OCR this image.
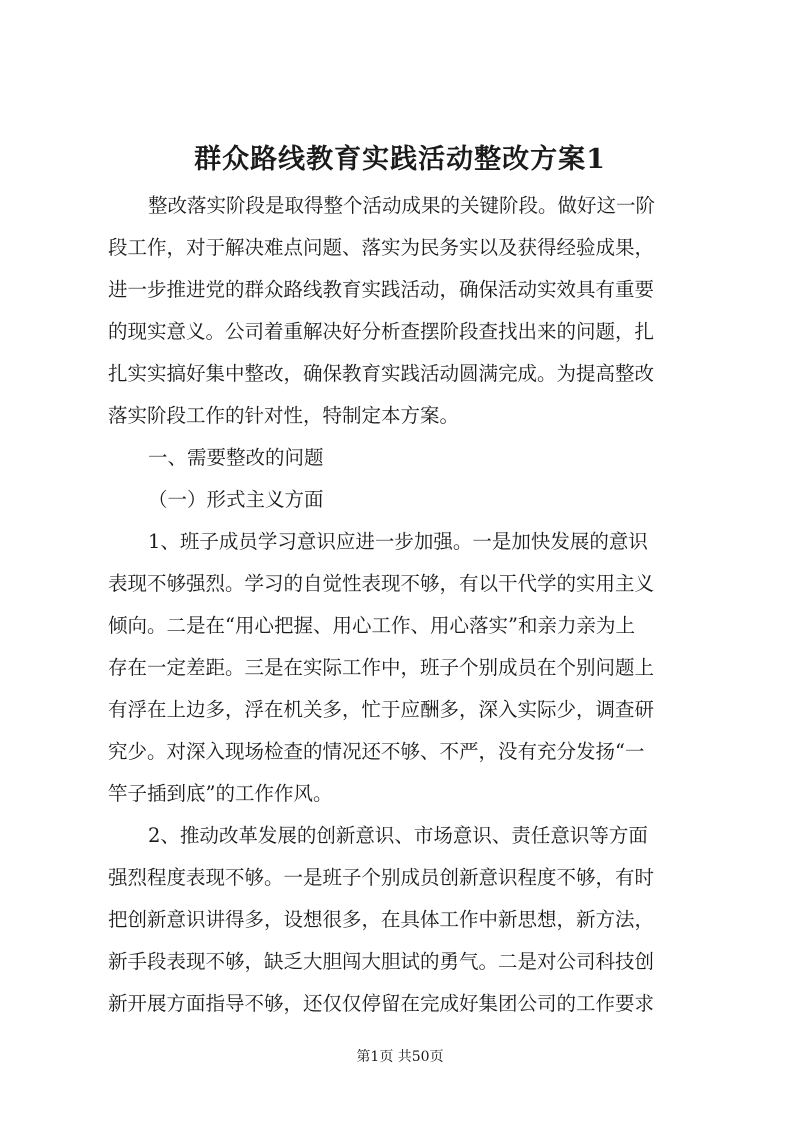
群众路线教育实践活动整改方案1

整改落实阶段是取得整个活动成果的关键阶段。做好这一阶

段工作，对于解决难点问题、落实为民务实以及获得经验成果，

进一步推进党的群众路线教育实践活动，确保活动实效具有重要

的现实意义。公司着重解决好分析查摆阶段查找出来的问题，扎

扎实实搞好集中整改，确保教育实践活动圆满完成。为提高整改

落实阶段工作的针对性，特制定本方案。

一、需要整改的问题

（一）形式主义方面

1、班子成员学习意识应进一步加强。一是加快发展的意识

表现不够强烈。学习的自觉性表现不够，有以干代学的实用主义

倾向。二是在“用心把握、用心工作、用心落实”和亲力亲为上

存在一定差距。三是在实际工作中，班子个别成员在个别问题上

有浮在上边多，浮在机关多，忙于应酬多，深入实际少，调查研

究少。对深入现场检查的情况还不够、不严，没有充分发扬“一

竿子插到底”的工作作风。

2、推动改革发展的创新意识、市场意识、责任意识等方面

强烈程度表现不够。一是班子个别成员创新意识程度不够，有时

把创新意识讲得多，设想很多，在具体工作中新思想，新方法，

新手段表现不够，缺乏大胆闯大胆试的勇气。二是对公司科技创

新开展方面指导不够，还仅仅停留在完成好集团公司的工作要求

第1页 共50页
